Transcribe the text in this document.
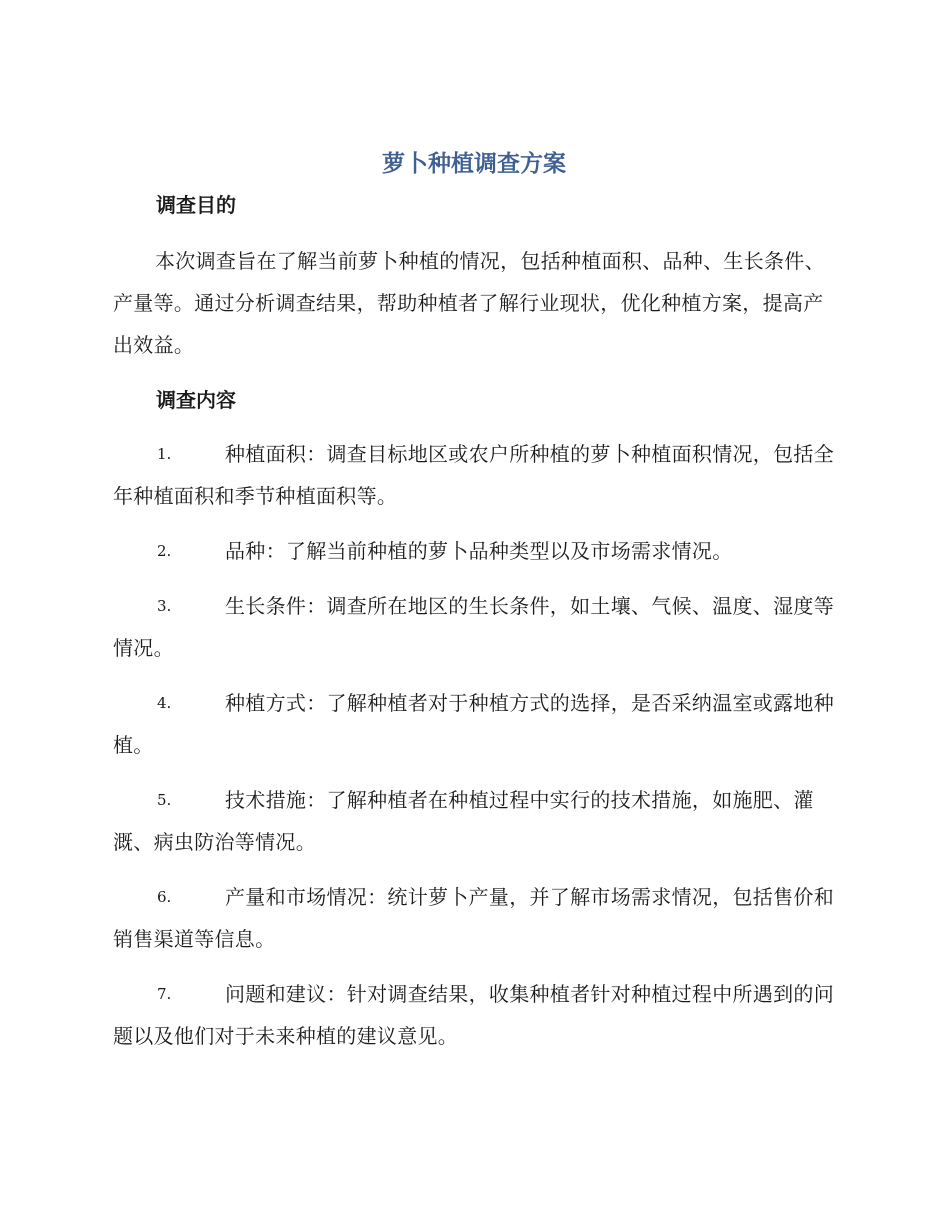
萝卜种植调查方案
调查目的

本次调查旨在了解当前萝卜种植的情况，包括种植面积、品种、生长条件、产量等。通过分析调查结果，帮助种植者了解行业现状，优化种植方案，提高产出效益。

调查内容
1.	种植面积：调查目标地区或农户所种植的萝卜种植面积情况，包括全年种植面积和季节种植面积等。
2.	品种：了解当前种植的萝卜品种类型以及市场需求情况。
3.	生长条件：调查所在地区的生长条件，如土壤、气候、温度、湿度等情况。
4.	种植方式：了解种植者对于种植方式的选择，是否采纳温室或露地种植。
5.	技术措施：了解种植者在种植过程中实行的技术措施，如施肥、灌溉、病虫防治等情况。
6.	产量和市场情况：统计萝卜产量，并了解市场需求情况，包括售价和销售渠道等信息。
7.	问题和建议：针对调查结果，收集种植者针对种植过程中所遇到的问题以及他们对于未来种植的建议意见。
